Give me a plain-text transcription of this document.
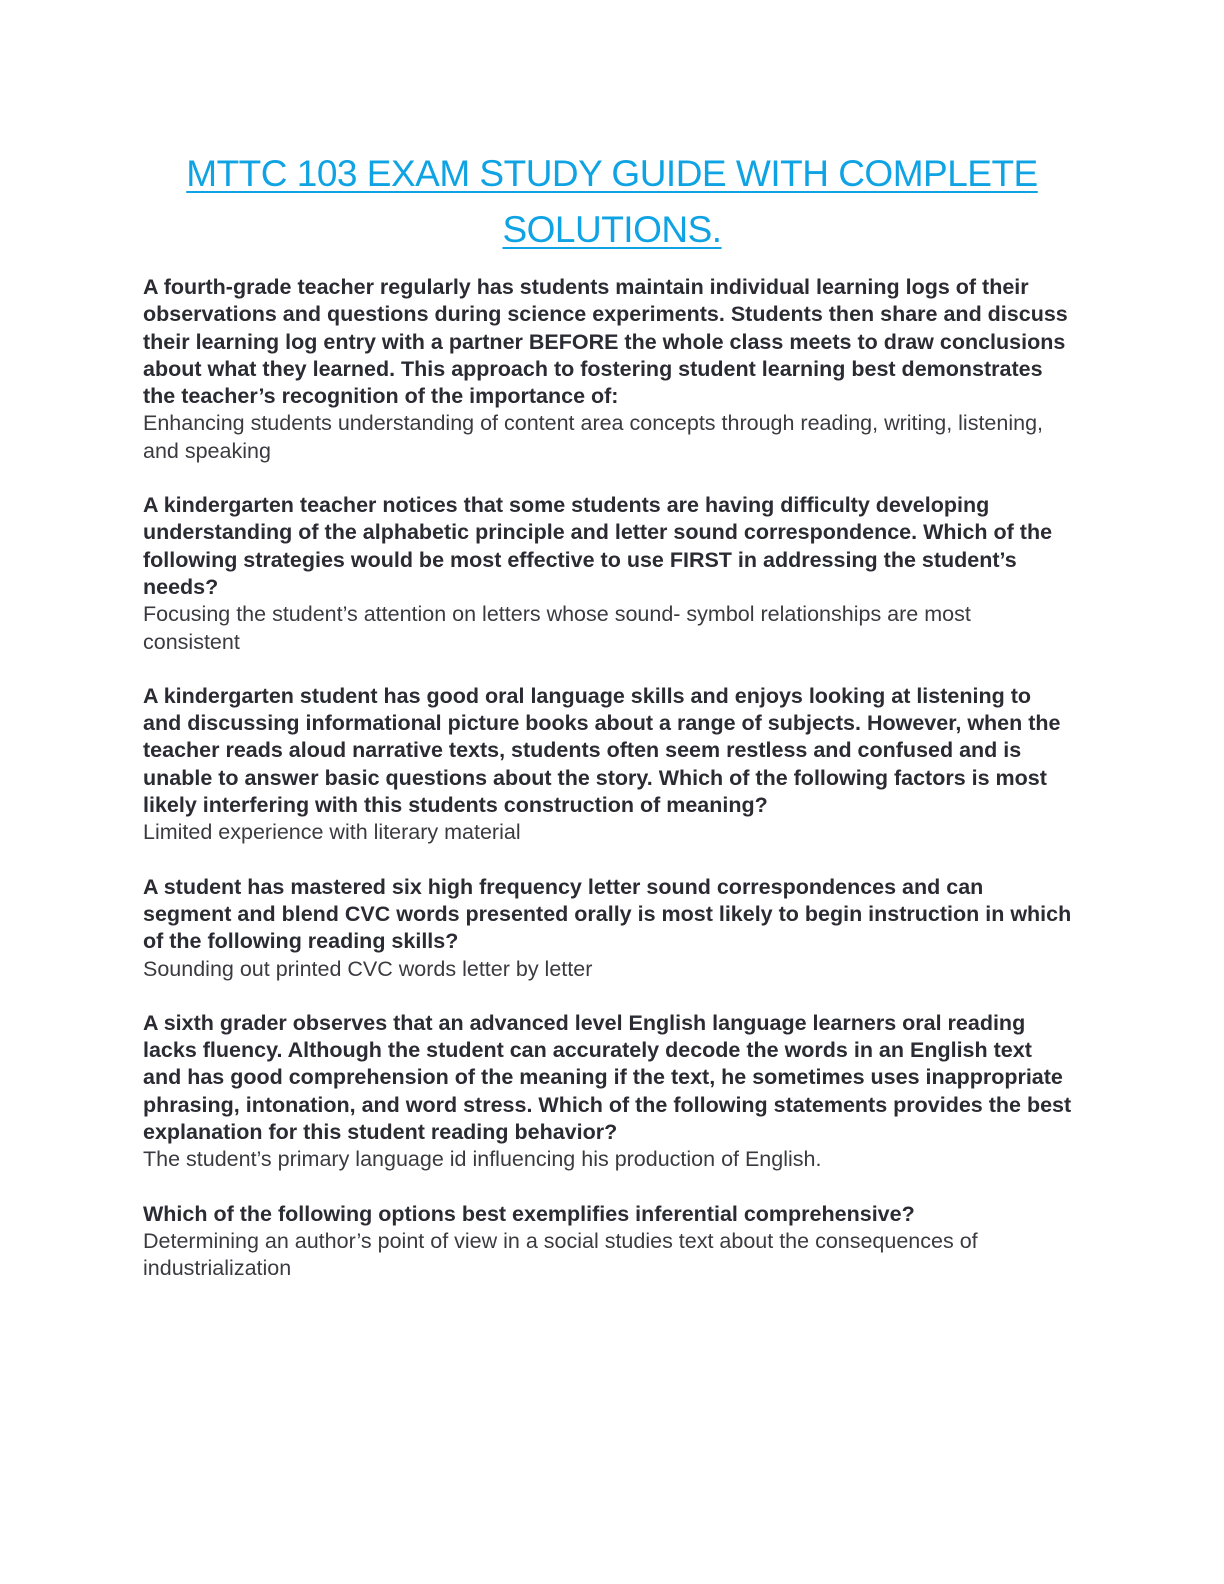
MTTC 103 EXAM STUDY GUIDE WITH COMPLETE SOLUTIONS.

A fourth-grade teacher regularly has students maintain individual learning logs of their observations and questions during science experiments. Students then share and discuss their learning log entry with a partner BEFORE the whole class meets to draw conclusions about what they learned. This approach to fostering student learning best demonstrates the teacher’s recognition of the importance of:

Enhancing students understanding of content area concepts through reading, writing, listening, and speaking

A kindergarten teacher notices that some students are having difficulty developing understanding of the alphabetic principle and letter sound correspondence. Which of the following strategies would be most effective to use FIRST in addressing the student’s needs?

Focusing the student’s attention on letters whose sound- symbol relationships are most consistent

A kindergarten student has good oral language skills and enjoys looking at listening to and discussing informational picture books about a range of subjects. However, when the teacher reads aloud narrative texts, students often seem restless and confused and is unable to answer basic questions about the story. Which of the following factors is most likely interfering with this students construction of meaning?

Limited experience with literary material

A student has mastered six high frequency letter sound correspondences and can segment and blend CVC words presented orally is most likely to begin instruction in which of the following reading skills?

Sounding out printed CVC words letter by letter

A sixth grader observes that an advanced level English language learners oral reading lacks fluency. Although the student can accurately decode the words in an English text and has good comprehension of the meaning if the text, he sometimes uses inappropriate phrasing, intonation, and word stress. Which of the following statements provides the best explanation for this student reading behavior?

The student’s primary language id influencing his production of English.

Which of the following options best exemplifies inferential comprehensive?

Determining an author’s point of view in a social studies text about the consequences of industrialization
